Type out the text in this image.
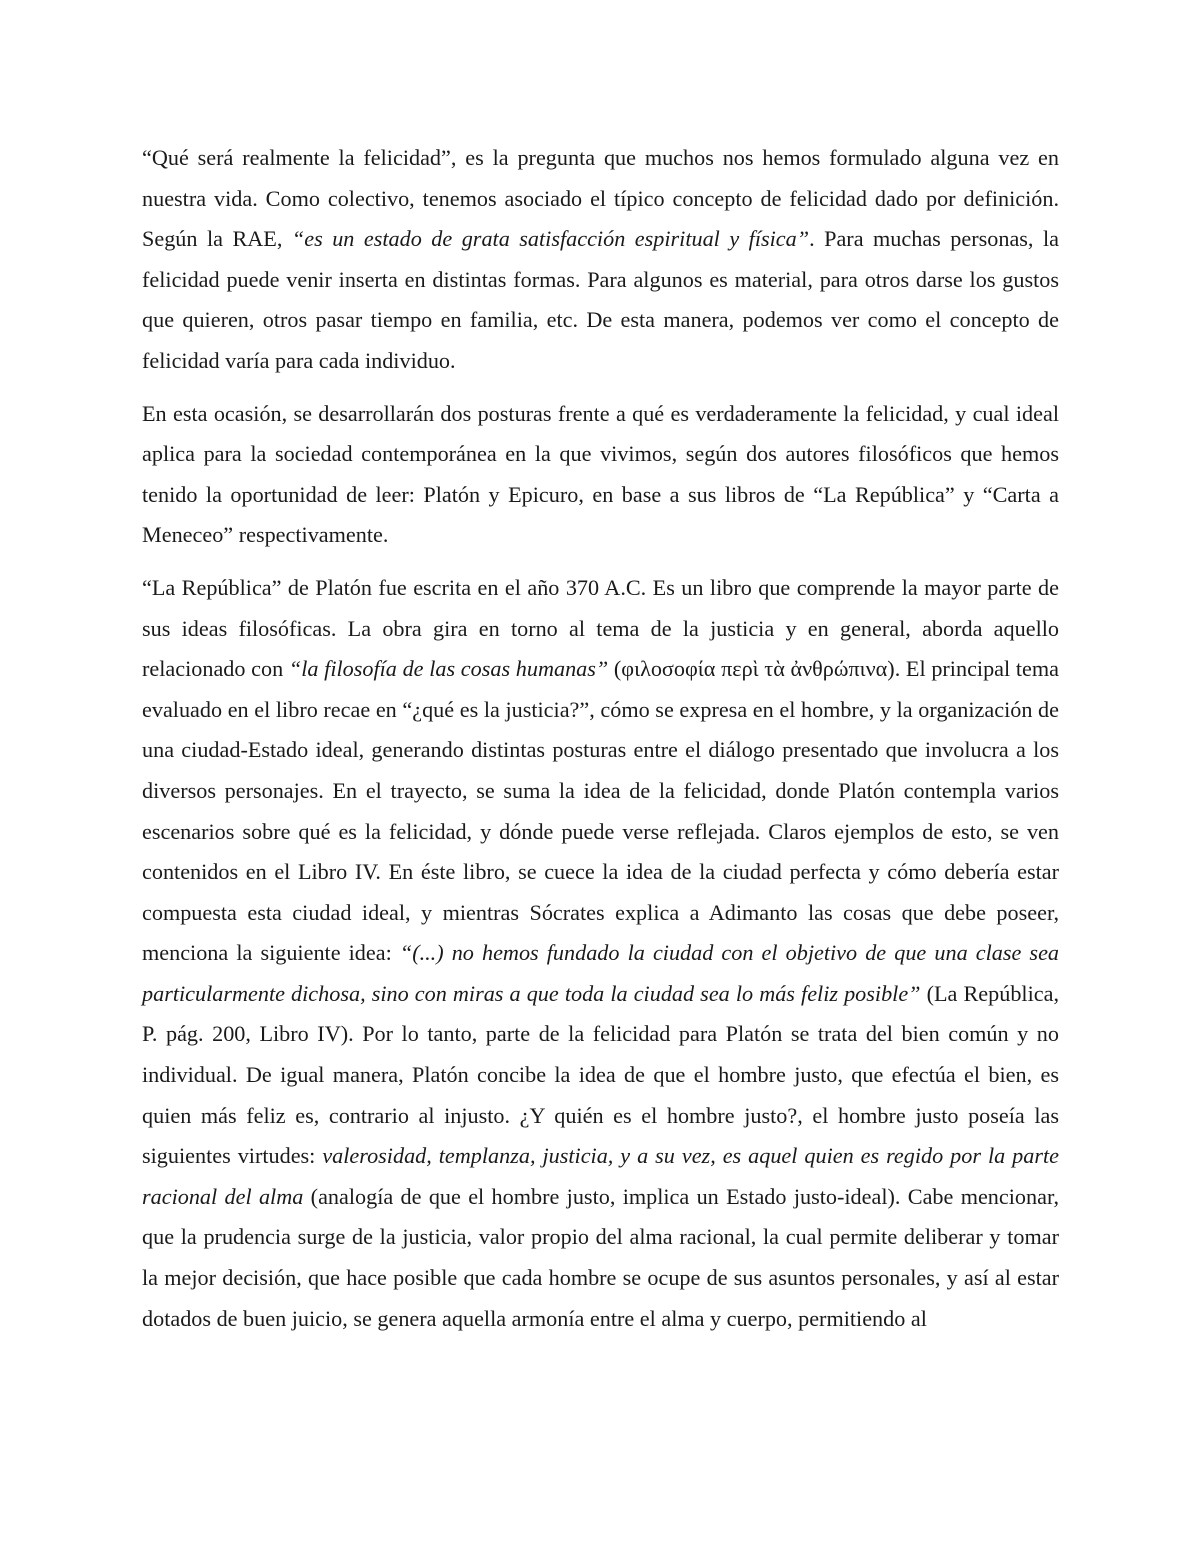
“Qué será realmente la felicidad”, es la pregunta que muchos nos hemos formulado alguna vez en nuestra vida. Como colectivo, tenemos asociado el típico concepto de felicidad dado por definición. Según la RAE, “es un estado de grata satisfacción espiritual y física”. Para muchas personas, la felicidad puede venir inserta en distintas formas. Para algunos es material, para otros darse los gustos que quieren, otros pasar tiempo en familia, etc. De esta manera, podemos ver como el concepto de felicidad varía para cada individuo.

En esta ocasión, se desarrollarán dos posturas frente a qué es verdaderamente la felicidad, y cual ideal aplica para la sociedad contemporánea en la que vivimos, según dos autores filosóficos que hemos tenido la oportunidad de leer: Platón y Epicuro, en base a sus libros de “La República” y “Carta a Meneceo” respectivamente.

“La República” de Platón fue escrita en el año 370 A.C. Es un libro que comprende la mayor parte de sus ideas filosóficas. La obra gira en torno al tema de la justicia y en general, aborda aquello relacionado con “la filosofía de las cosas humanas” (φιλοσοφία περὶ τὰ ἀνθρώπινα). El principal tema evaluado en el libro recae en “¿qué es la justicia?”, cómo se expresa en el hombre, y la organización de una ciudad-Estado ideal, generando distintas posturas entre el diálogo presentado que involucra a los diversos personajes. En el trayecto, se suma la idea de la felicidad, donde Platón contempla varios escenarios sobre qué es la felicidad, y dónde puede verse reflejada. Claros ejemplos de esto, se ven contenidos en el Libro IV. En éste libro, se cuece la idea de la ciudad perfecta y cómo debería estar compuesta esta ciudad ideal, y mientras Sócrates explica a Adimanto las cosas que debe poseer, menciona la siguiente idea: “(...) no hemos fundado la ciudad con el objetivo de que una clase sea particularmente dichosa, sino con miras a que toda la ciudad sea lo más feliz posible” (La República, P. pág. 200, Libro IV). Por lo tanto, parte de la felicidad para Platón se trata del bien común y no individual. De igual manera, Platón concibe la idea de que el hombre justo, que efectúa el bien, es quien más feliz es, contrario al injusto. ¿Y quién es el hombre justo?, el hombre justo poseía las siguientes virtudes: valerosidad, templanza, justicia, y a su vez, es aquel quien es regido por la parte racional del alma (analogía de que el hombre justo, implica un Estado justo-ideal). Cabe mencionar, que la prudencia surge de la justicia, valor propio del alma racional, la cual permite deliberar y tomar la mejor decisión, que hace posible que cada hombre se ocupe de sus asuntos personales, y así al estar dotados de buen juicio, se genera aquella armonía entre el alma y cuerpo, permitiendo al
